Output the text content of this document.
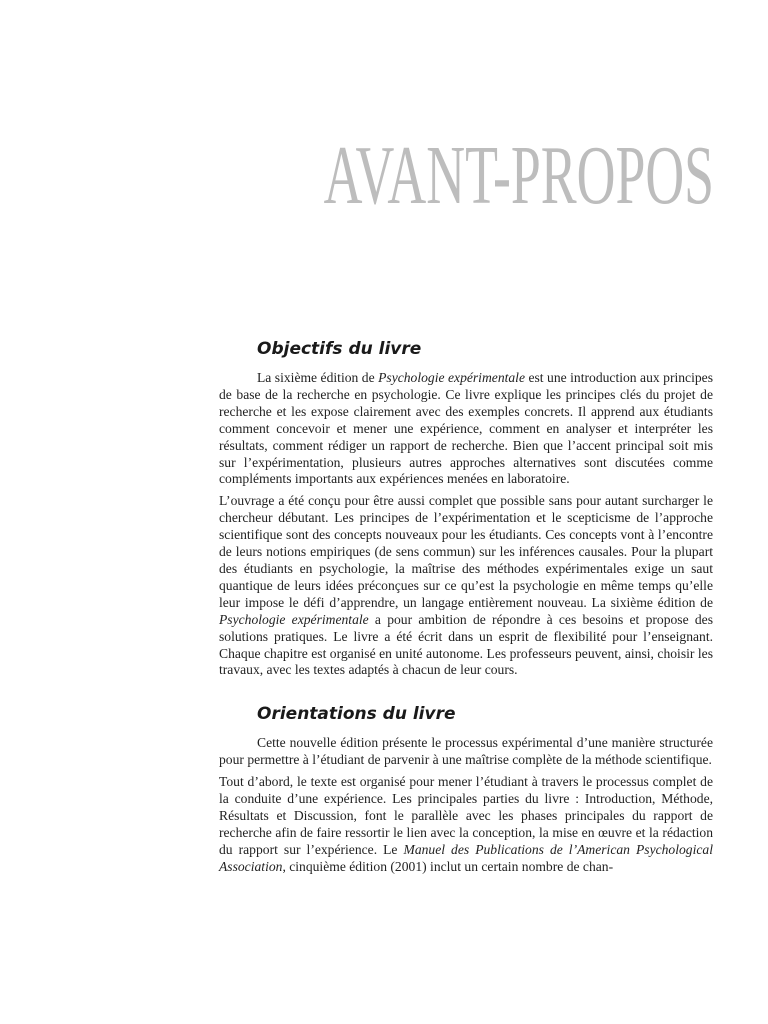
AVANT-PROPOS
Objectifs du livre

La sixième édition de Psychologie expérimentale est une introduction aux principes de base de la recherche en psychologie. Ce livre explique les principes clés du projet de recherche et les expose clairement avec des exemples concrets. Il apprend aux étudiants comment concevoir et mener une expérience, comment en analyser et interpréter les résultats, comment rédiger un rapport de recherche. Bien que l’accent principal soit mis sur l’expérimentation, plusieurs autres approches alternatives sont discutées comme compléments importants aux expériences menées en laboratoire.

L’ouvrage a été conçu pour être aussi complet que possible sans pour autant surcharger le chercheur débutant. Les principes de l’expérimentation et le scepticisme de l’approche scientifique sont des concepts nouveaux pour les étudiants. Ces concepts vont à l’encontre de leurs notions empiriques (de sens commun) sur les inférences causales. Pour la plupart des étudiants en psychologie, la maîtrise des méthodes expérimentales exige un saut quantique de leurs idées préconçues sur ce qu’est la psychologie en même temps qu’elle leur impose le défi d’apprendre, un langage entièrement nouveau. La sixième édition de Psychologie expérimentale a pour ambition de répondre à ces besoins et propose des solutions pratiques. Le livre a été écrit dans un esprit de flexibilité pour l’enseignant. Chaque chapitre est organisé en unité autonome. Les professeurs peuvent, ainsi, choisir les travaux, avec les textes adaptés à chacun de leur cours.

Orientations du livre

Cette nouvelle édition présente le processus expérimental d’une manière structurée pour permettre à l’étudiant de parvenir à une maîtrise complète de la méthode scientifique.

Tout d’abord, le texte est organisé pour mener l’étudiant à travers le processus complet de la conduite d’une expérience. Les principales parties du livre : Introduction, Méthode, Résultats et Discussion, font le parallèle avec les phases principales du rapport de recherche afin de faire ressortir le lien avec la conception, la mise en œuvre et la rédaction du rapport sur l’expérience. Le Manuel des Publications de l’American Psychological Association, cinquième édition (2001) inclut un certain nombre de chan-
